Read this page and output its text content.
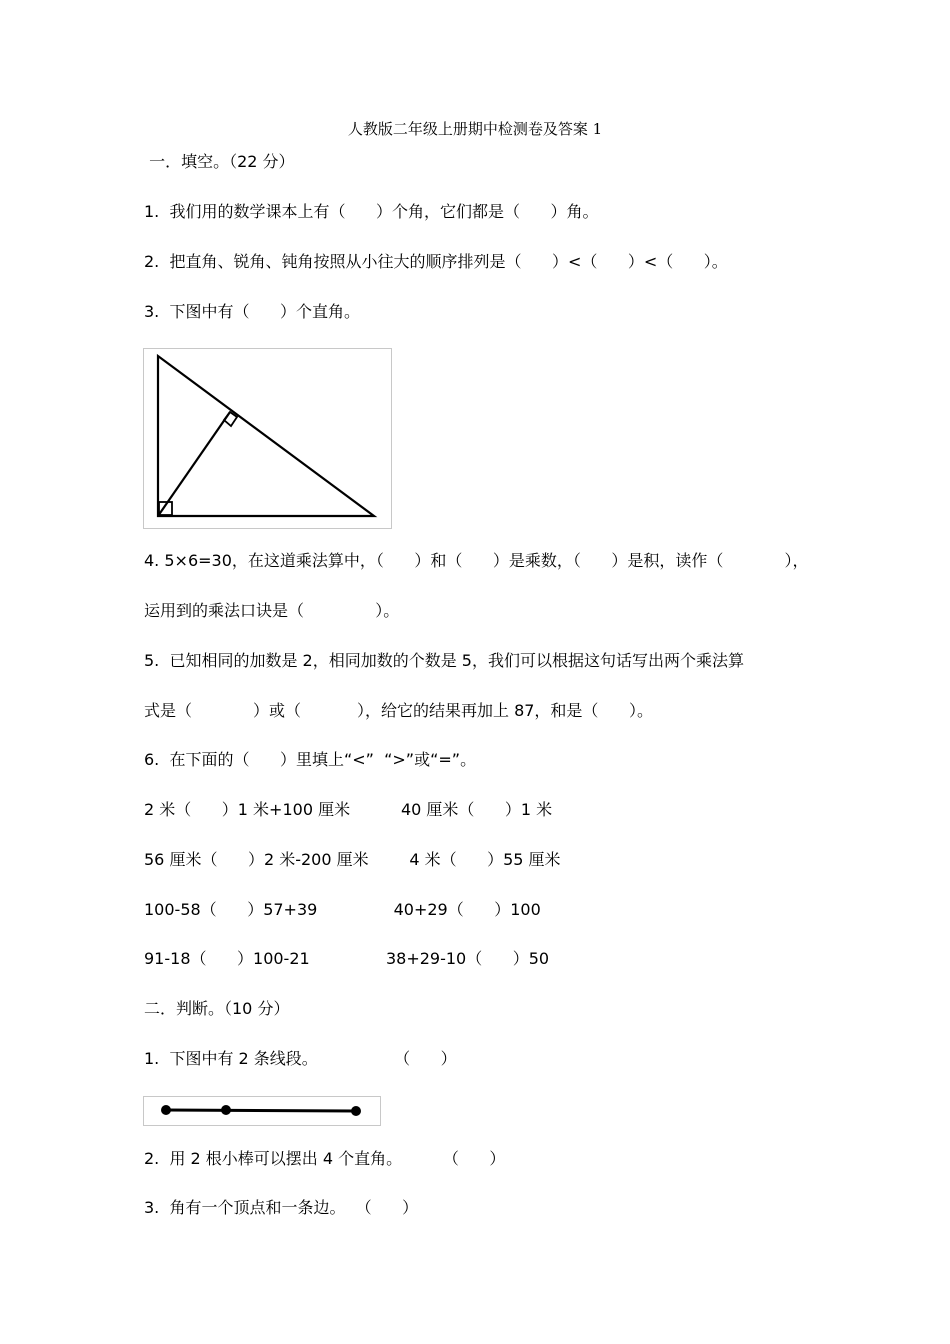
人教版二年级上册期中检测卷及答案 1
一．填空。（22 分）
1.  我们用的数学课本上有（      ）个角，它们都是（      ）角。
2.  把直角、锐角、钝角按照从小往大的顺序排列是（      ）<（      ）<（      ）。
3.  下图中有（      ）个直角。
4. 5×6=30，在这道乘法算中，（      ）和（      ）是乘数，（      ）是积，读作（            ），
运用到的乘法口诀是（              ）。
5.  已知相同的加数是 2，相同加数的个数是 5，我们可以根据这句话写出两个乘法算
式是（            ）或（           ），给它的结果再加上 87，和是（      ）。
6.  在下面的（      ）里填上“<”  “>”或“=”。
2 米（      ）1 米+100 厘米          40 厘米（      ）1 米
56 厘米（      ）2 米-200 厘米        4 米（      ）55 厘米
100-58（      ）57+39               40+29（      ）100
91-18（      ）100-21               38+29-10（      ）50
二．判断。（10 分）
1.  下图中有 2 条线段。               （      ）
2.  用 2 根小棒可以摆出 4 个直角。        （      ）
3.  角有一个顶点和一条边。  （      ）
